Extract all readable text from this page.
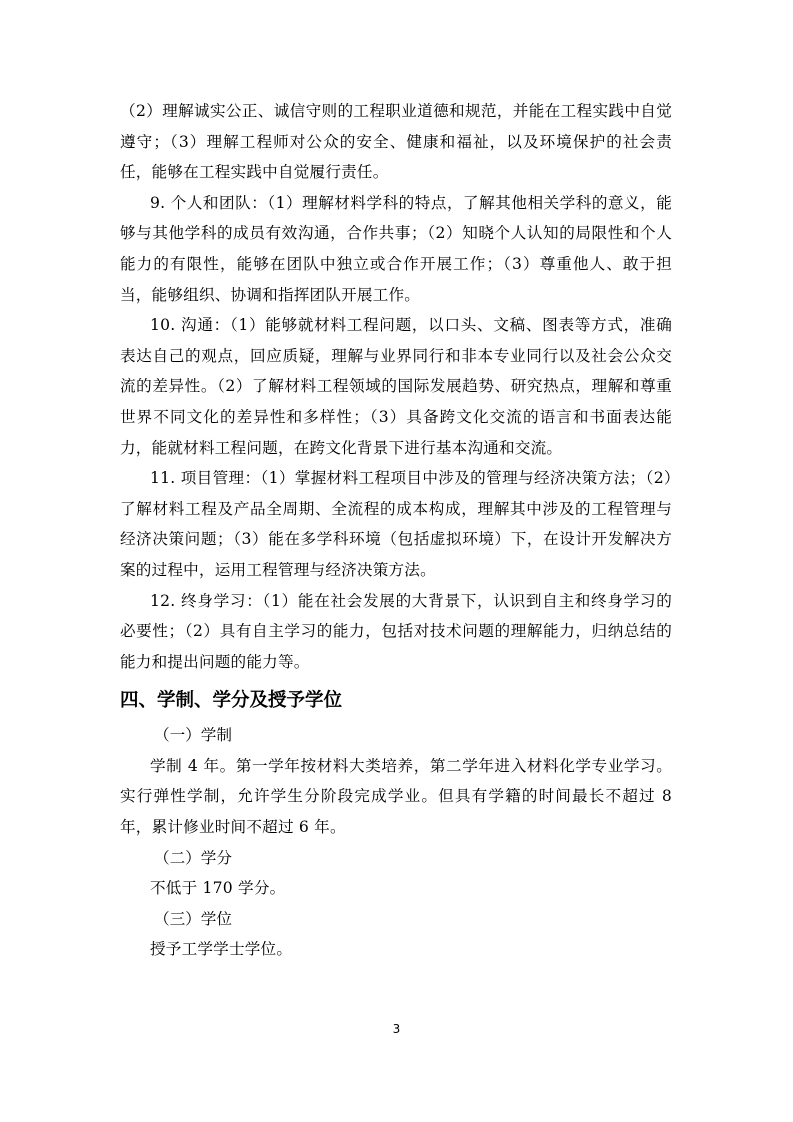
（2）理解诚实公正、诚信守则的工程职业道德和规范，并能在工程实践中自觉遵守；（3）理解工程师对公众的安全、健康和福祉，以及环境保护的社会责任，能够在工程实践中自觉履行责任。

9. 个人和团队：（1）理解材料学科的特点，了解其他相关学科的意义，能够与其他学科的成员有效沟通，合作共事；（2）知晓个人认知的局限性和个人能力的有限性，能够在团队中独立或合作开展工作；（3）尊重他人、敢于担当，能够组织、协调和指挥团队开展工作。

10. 沟通：（1）能够就材料工程问题，以口头、文稿、图表等方式，准确表达自己的观点，回应质疑，理解与业界同行和非本专业同行以及社会公众交流的差异性。（2）了解材料工程领域的国际发展趋势、研究热点，理解和尊重世界不同文化的差异性和多样性；（3）具备跨文化交流的语言和书面表达能力，能就材料工程问题，在跨文化背景下进行基本沟通和交流。

11. 项目管理：（1）掌握材料工程项目中涉及的管理与经济决策方法；（2）了解材料工程及产品全周期、全流程的成本构成，理解其中涉及的工程管理与经济决策问题；（3）能在多学科环境（包括虚拟环境）下，在设计开发解决方案的过程中，运用工程管理与经济决策方法。

12. 终身学习：（1）能在社会发展的大背景下，认识到自主和终身学习的必要性；（2）具有自主学习的能力，包括对技术问题的理解能力，归纳总结的能力和提出问题的能力等。

四、学制、学分及授予学位

（一）学制

学制 4 年。第一学年按材料大类培养，第二学年进入材料化学专业学习。实行弹性学制，允许学生分阶段完成学业。但具有学籍的时间最长不超过 8 年，累计修业时间不超过 6 年。

（二）学分

不低于 170 学分。

（三）学位

授予工学学士学位。

3
